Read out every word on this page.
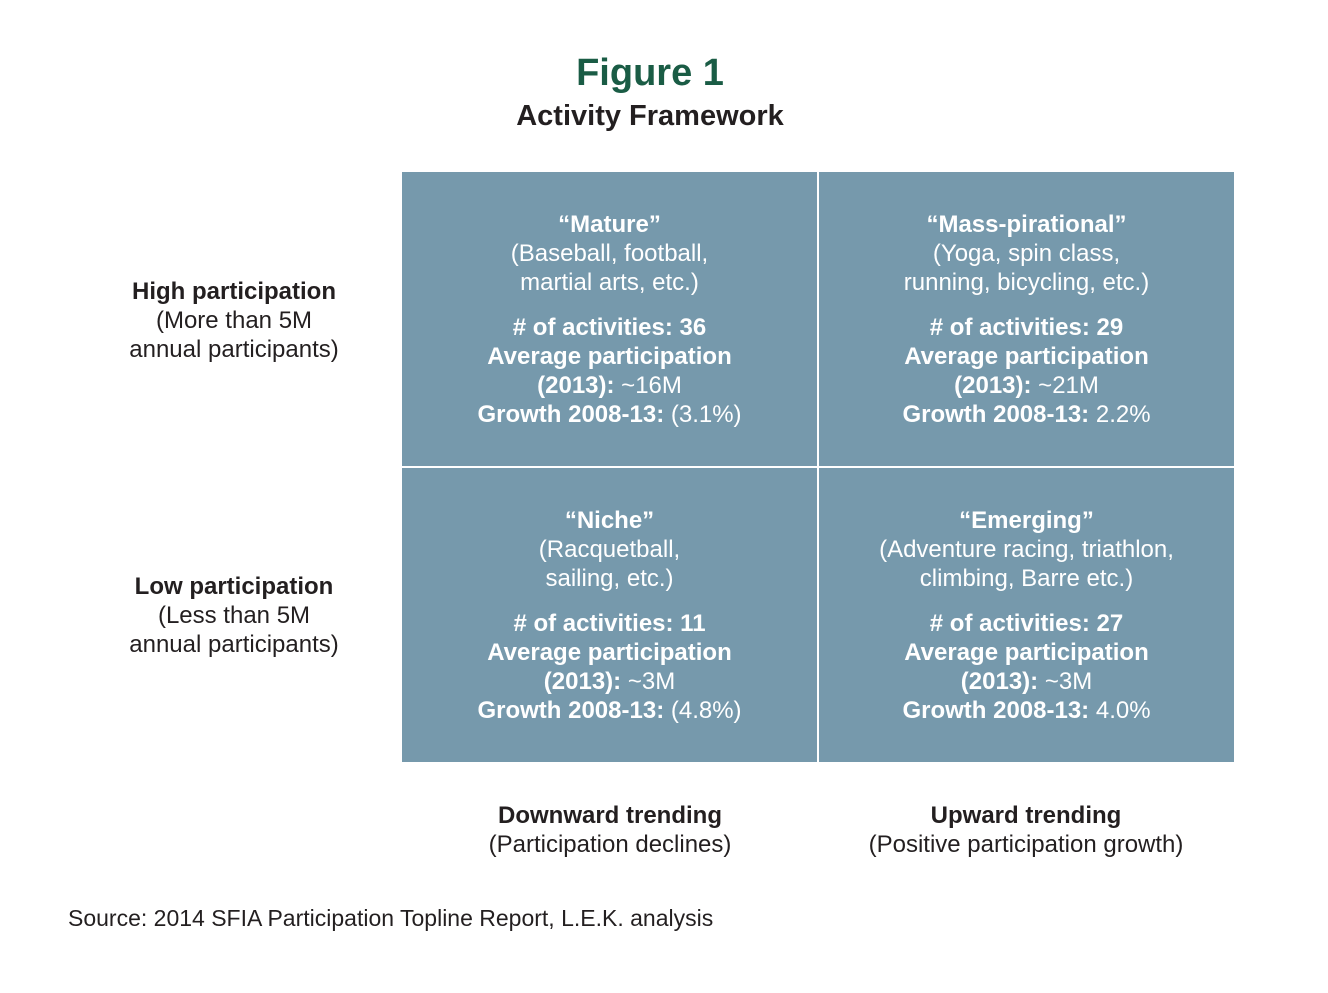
Figure 1
Activity Framework
High participation
(More than 5M
annual participants)
Low participation
(Less than 5M
annual participants)
“Mature”
(Baseball, football,
martial arts, etc.)
# of activities: 36
Average participation
(2013): ~16M
Growth 2008-13: (3.1%)
“Mass-pirational”
(Yoga, spin class,
running, bicycling, etc.)
# of activities: 29
Average participation
(2013): ~21M
Growth 2008-13: 2.2%
“Niche”
(Racquetball,
sailing, etc.)
# of activities: 11
Average participation
(2013): ~3M
Growth 2008-13: (4.8%)
“Emerging”
(Adventure racing, triathlon,
climbing, Barre etc.)
# of activities: 27
Average participation
(2013): ~3M
Growth 2008-13: 4.0%
Downward trending
(Participation declines)
Upward trending
(Positive participation growth)
Source: 2014 SFIA Participation Topline Report, L.E.K. analysis
